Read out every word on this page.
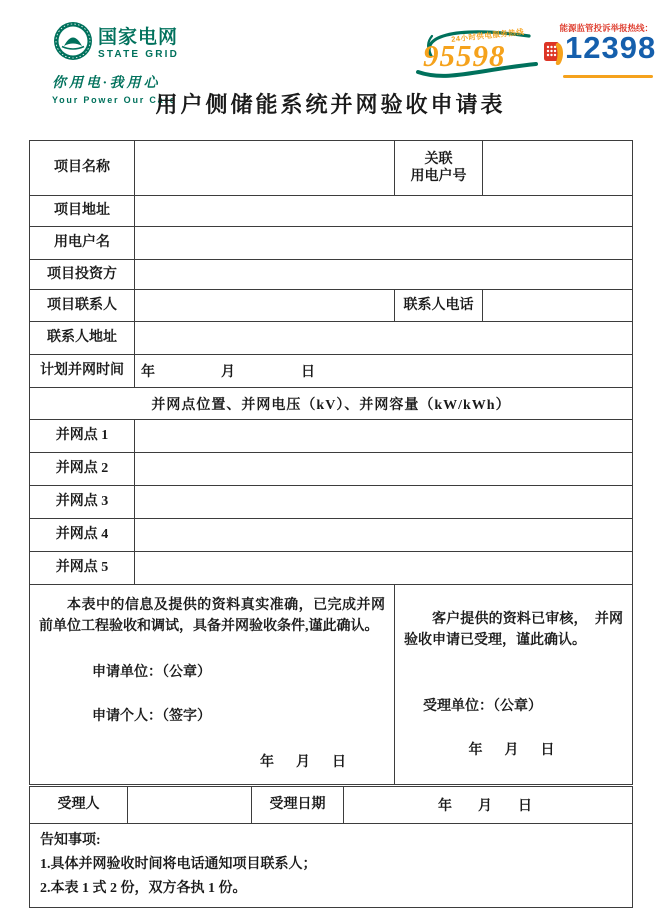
国家电网
STATE GRID
你用电·我用心
Your Power Our Care
24小时供电服务热线
95598
能源监管投诉举报热线：
12398
用户侧储能系统并网验收申请表
项目名称		关联
用电户号	

项目地址			
用电户名			
项目投资方			
项目联系人		联系人电话	
联系人地址			
计划并网时间	年　　　　月　　　　日		
并网点位置、并网电压（kV）、并网容量（kW/kWh）			
并网点 1			
并网点 2			
并网点 3			
并网点 4			
并网点 5			

本表中的信息及提供的资料真实准确，已完成并网前单位工程验收和调试，具备并网验收条件,谨此确认。
申请单位：（公章）
申请个人：（签字）
年　月　日

客户提供的资料已审核，　并网验收申请已受理，谨此确认。
受理单位：（公章）
年　月　日
受理人		受理日期	年　月　日

告知事项:
1.具体并网验收时间将电话通知项目联系人；
2.本表 1 式 2 份，双方各执 1 份。
